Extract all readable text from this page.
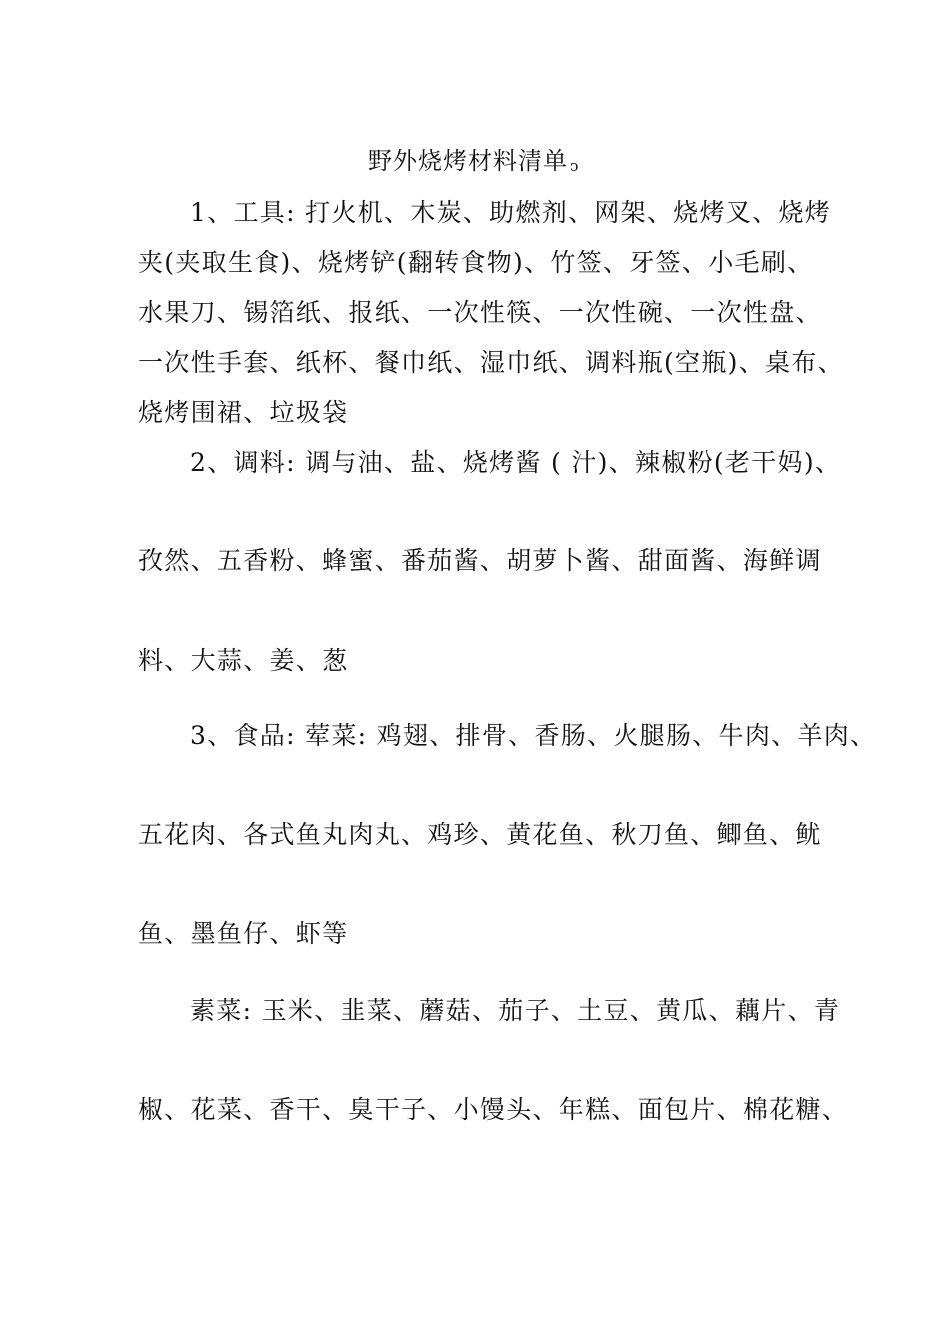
野外烧烤材料清单 ↄ
1、工具: 打火机、木炭、助燃剂、网架、烧烤叉、烧烤
夹(夹取生食)、烧烤铲(翻转食物)、竹签、牙签、小毛刷、
水果刀、锡箔纸、报纸、一次性筷、一次性碗、一次性盘、
一次性手套、纸杯、餐巾纸、湿巾纸、调料瓶(空瓶)、桌布、
烧烤围裙、垃圾袋
2、调料: 调与油、盐、烧烤酱 ( 汁)、辣椒粉(老干妈)、
孜然、五香粉、蜂蜜、番茄酱、胡萝卜酱、甜面酱、海鲜调
料、大蒜、姜、葱
3、食品: 荤菜: 鸡翅、排骨、香肠、火腿肠、牛肉、羊肉、
五花肉、各式鱼丸肉丸、鸡珍、黄花鱼、秋刀鱼、鲫鱼、鱿
鱼、墨鱼仔、虾等
素菜: 玉米、韭菜、蘑菇、茄子、土豆、黄瓜、藕片、青
椒、花菜、香干、臭干子、小馒头、年糕、面包片、棉花糖、
